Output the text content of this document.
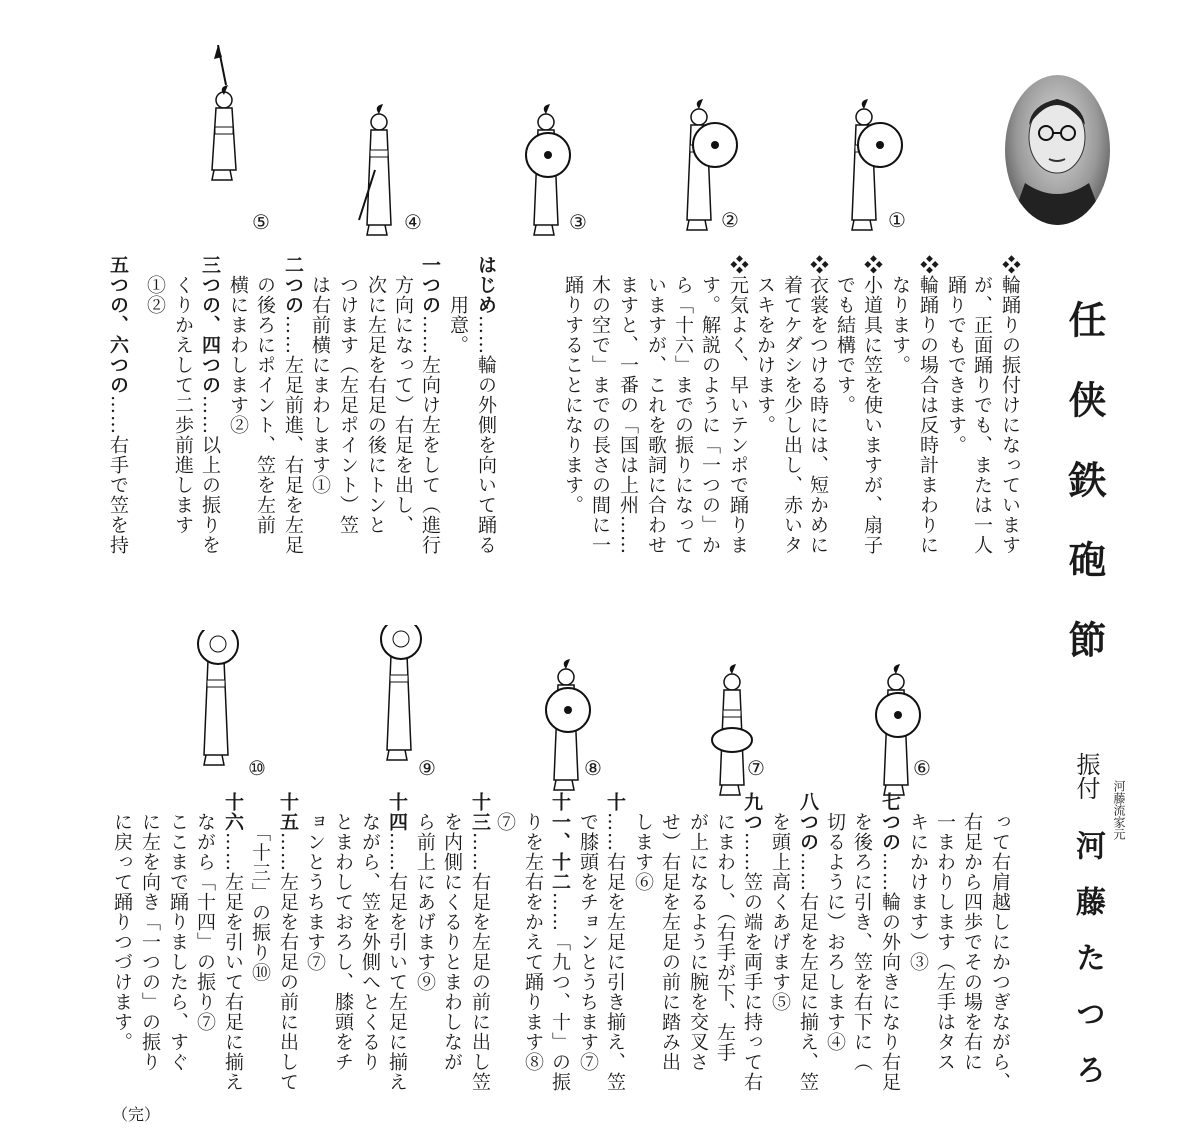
任侠鉄砲節
振付
河藤流家元
河藤たつろ
①
②
③
④
⑤
⑥
⑦
⑧
⑨
⑩
❖輪踊りの振付けになっています
　が、正面踊りでも、または一人
　踊りでもできます。
❖輪踊りの場合は反時計まわりに
　なります。
❖小道具に笠を使いますが、扇子
　でも結構です。
❖衣裳をつける時には、短かめに
　着てケダシを少し出し、赤いタ
　スキをかけます。
❖元気よく、早いテンポで踊りま
　す。解説のように「一つの」か
　ら「十六」までの振りになって
　いますが、これを歌詞に合わせ
　ますと、一番の「国は上州……
　木の空で」までの長さの間に一
　踊りすることになります。
はじめ……輪の外側を向いて踊る
　　用意。
一つの……左向け左をして（進行
　方向になって）右足を出し、
　次に左足を右足の後にトンと
　つけます（左足ポイント）笠
　は右前横にまわします①
二つの……左足前進、右足を左足
　の後ろにポイント、笠を左前
　横にまわします②
三つの、四つの……以上の振りを
　くりかえして二歩前進します
　①②
五つの、六つの……右手で笠を持
　って右肩越しにかつぎながら、
　右足から四歩でその場を右に
　一まわりします（左手はタス
　キにかけます）③
七つの……輪の外向きになり右足
　を後ろに引き、笠を右下に（
　切るように）おろします④
八つの……右足を左足に揃え、笠
　を頭上高くあげます⑤
九つ……笠の端を両手に持って右
　にまわし、（右手が下、左手
　が上になるように腕を交叉さ
　せ）右足を左足の前に踏み出
　します⑥
十……右足を左足に引き揃え、笠
　で膝頭をチョンとうちます⑦
十一、十二……「九つ、十」の振
　りを左右をかえて踊ります⑧
　⑦
十三……右足を左足の前に出し笠
　を内側にくるりとまわしなが
　ら前上にあげます⑨
十四……右足を引いて左足に揃え
　ながら、笠を外側へとくるり
　とまわしておろし、膝頭をチ
　ョンとうちます⑦
十五……左足を右足の前に出して
　　「十三」の振り⑩
十六……左足を引いて右足に揃え
　ながら「十四」の振り⑦
　ここまで踊りましたら、すぐ
　に左を向き「一つの」の振り
　に戻って踊りつづけます。
（完）
